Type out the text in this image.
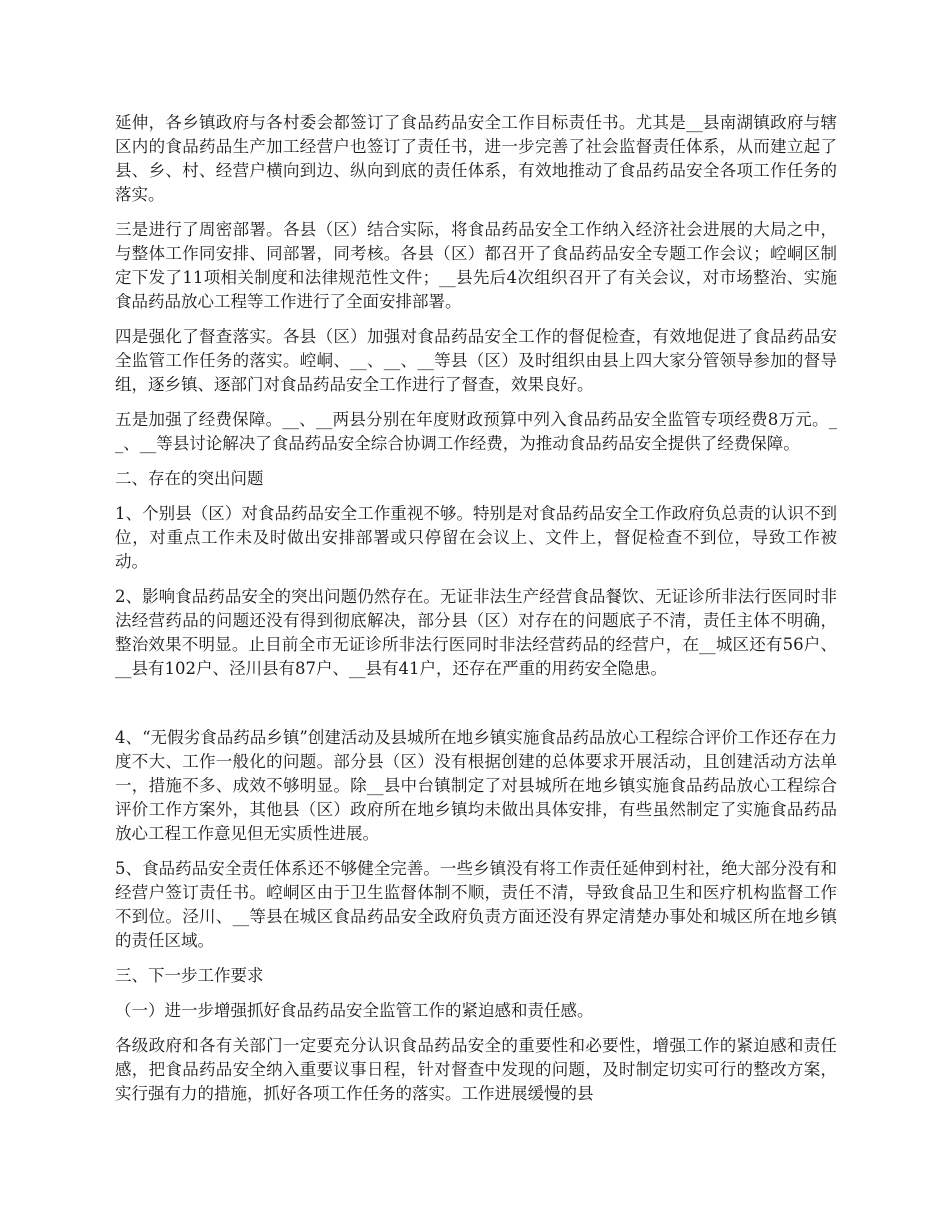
延伸，各乡镇政府与各村委会都签订了食品药品安全工作目标责任书。尤其是__县南湖镇政府与辖区内的食品药品生产加工经营户也签订了责任书，进一步完善了社会监督责任体系，从而建立起了县、乡、村、经营户横向到边、纵向到底的责任体系，有效地推动了食品药品安全各项工作任务的落实。

三是进行了周密部署。各县（区）结合实际，将食品药品安全工作纳入经济社会进展的大局之中，与整体工作同安排、同部署，同考核。各县（区）都召开了食品药品安全专题工作会议；崆峒区制定下发了11项相关制度和法律规范性文件；__县先后4次组织召开了有关会议，对市场整治、实施食品药品放心工程等工作进行了全面安排部署。

四是强化了督查落实。各县（区）加强对食品药品安全工作的督促检查，有效地促进了食品药品安全监管工作任务的落实。崆峒、__、__、__等县（区）及时组织由县上四大家分管领导参加的督导组，逐乡镇、逐部门对食品药品安全工作进行了督查，效果良好。

五是加强了经费保障。__、__两县分别在年度财政预算中列入食品药品安全监管专项经费8万元。__、__等县讨论解决了食品药品安全综合协调工作经费，为推动食品药品安全提供了经费保障。

二、存在的突出问题

1、个别县（区）对食品药品安全工作重视不够。特别是对食品药品安全工作政府负总责的认识不到位，对重点工作未及时做出安排部署或只停留在会议上、文件上，督促检查不到位，导致工作被动。

2、影响食品药品安全的突出问题仍然存在。无证非法生产经营食品餐饮、无证诊所非法行医同时非法经营药品的问题还没有得到彻底解决，部分县（区）对存在的问题底子不清，责任主体不明确，整治效果不明显。止目前全市无证诊所非法行医同时非法经营药品的经营户，在__城区还有56户、__县有102户、泾川县有87户、__县有41户，还存在严重的用药安全隐患。

4、“无假劣食品药品乡镇”创建活动及县城所在地乡镇实施食品药品放心工程综合评价工作还存在力度不大、工作一般化的问题。部分县（区）没有根据创建的总体要求开展活动，且创建活动方法单一，措施不多、成效不够明显。除__县中台镇制定了对县城所在地乡镇实施食品药品放心工程综合评价工作方案外，其他县（区）政府所在地乡镇均未做出具体安排，有些虽然制定了实施食品药品放心工程工作意见但无实质性进展。

5、食品药品安全责任体系还不够健全完善。一些乡镇没有将工作责任延伸到村社，绝大部分没有和经营户签订责任书。崆峒区由于卫生监督体制不顺，责任不清，导致食品卫生和医疗机构监督工作不到位。泾川、__等县在城区食品药品安全政府负责方面还没有界定清楚办事处和城区所在地乡镇的责任区域。

三、下一步工作要求

（一）进一步增强抓好食品药品安全监管工作的紧迫感和责任感。

各级政府和各有关部门一定要充分认识食品药品安全的重要性和必要性，增强工作的紧迫感和责任感，把食品药品安全纳入重要议事日程，针对督查中发现的问题，及时制定切实可行的整改方案，实行强有力的措施，抓好各项工作任务的落实。工作进展缓慢的县
